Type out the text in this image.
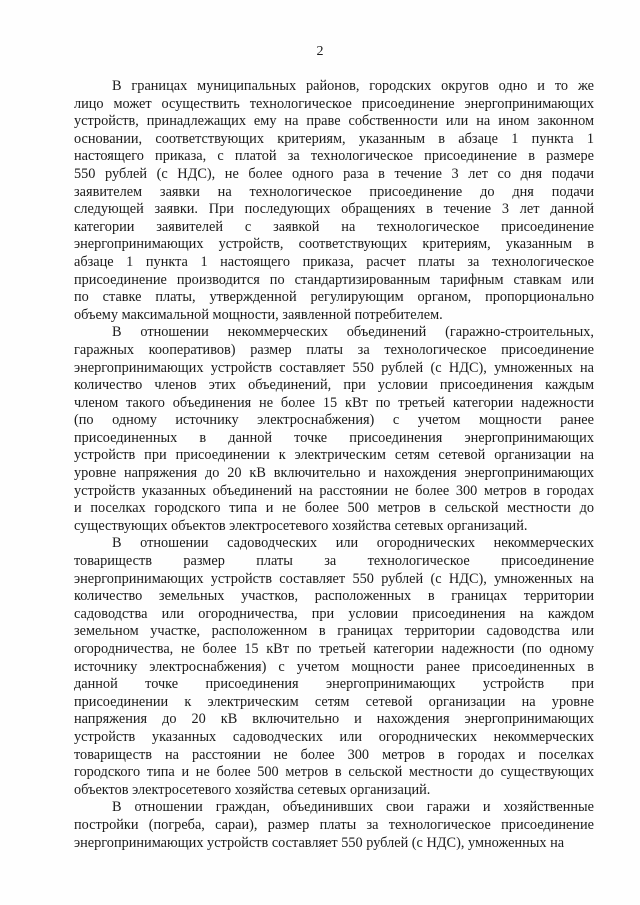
2
В границах муниципальных районов, городских округов одно и то же
лицо может осуществить технологическое присоединение энергопринимающих
устройств, принадлежащих ему на праве собственности или на ином законном
основании, соответствующих критериям, указанным в абзаце 1 пункта 1
настоящего приказа, с платой за технологическое присоединение в размере
550 рублей (с НДС), не более одного раза в течение 3 лет со дня подачи
заявителем заявки на технологическое присоединение до дня подачи
следующей заявки. При последующих обращениях в течение 3 лет данной
категории заявителей с заявкой на технологическое присоединение
энергопринимающих устройств, соответствующих критериям, указанным в
абзаце 1 пункта 1 настоящего приказа, расчет платы за технологическое
присоединение производится по стандартизированным тарифным ставкам или
по ставке платы, утвержденной регулирующим органом, пропорционально
объему максимальной мощности, заявленной потребителем.
В отношении некоммерческих объединений (гаражно-строительных,
гаражных кооперативов) размер платы за технологическое присоединение
энергопринимающих устройств составляет 550 рублей (с НДС), умноженных на
количество членов этих объединений, при условии присоединения каждым
членом такого объединения не более 15 кВт по третьей категории надежности
(по одному источнику электроснабжения) с учетом мощности ранее
присоединенных в данной точке присоединения энергопринимающих
устройств при присоединении к электрическим сетям сетевой организации на
уровне напряжения до 20 кВ включительно и нахождения энергопринимающих
устройств указанных объединений на расстоянии не более 300 метров в городах
и поселках городского типа и не более 500 метров в сельской местности до
существующих объектов электросетевого хозяйства сетевых организаций.
В отношении садоводческих или огороднических некоммерческих
товариществ размер платы за технологическое присоединение
энергопринимающих устройств составляет 550 рублей (с НДС), умноженных на
количество земельных участков, расположенных в границах территории
садоводства или огородничества, при условии присоединения на каждом
земельном участке, расположенном в границах территории садоводства или
огородничества, не более 15 кВт по третьей категории надежности (по одному
источнику электроснабжения) с учетом мощности ранее присоединенных в
данной точке присоединения энергопринимающих устройств при
присоединении к электрическим сетям сетевой организации на уровне
напряжения до 20 кВ включительно и нахождения энергопринимающих
устройств указанных садоводческих или огороднических некоммерческих
товариществ на расстоянии не более 300 метров в городах и поселках
городского типа и не более 500 метров в сельской местности до существующих
объектов электросетевого хозяйства сетевых организаций.
В отношении граждан, объединивших свои гаражи и хозяйственные
постройки (погреба, сараи), размер платы за технологическое присоединение
энергопринимающих устройств составляет 550 рублей (с НДС), умноженных на
